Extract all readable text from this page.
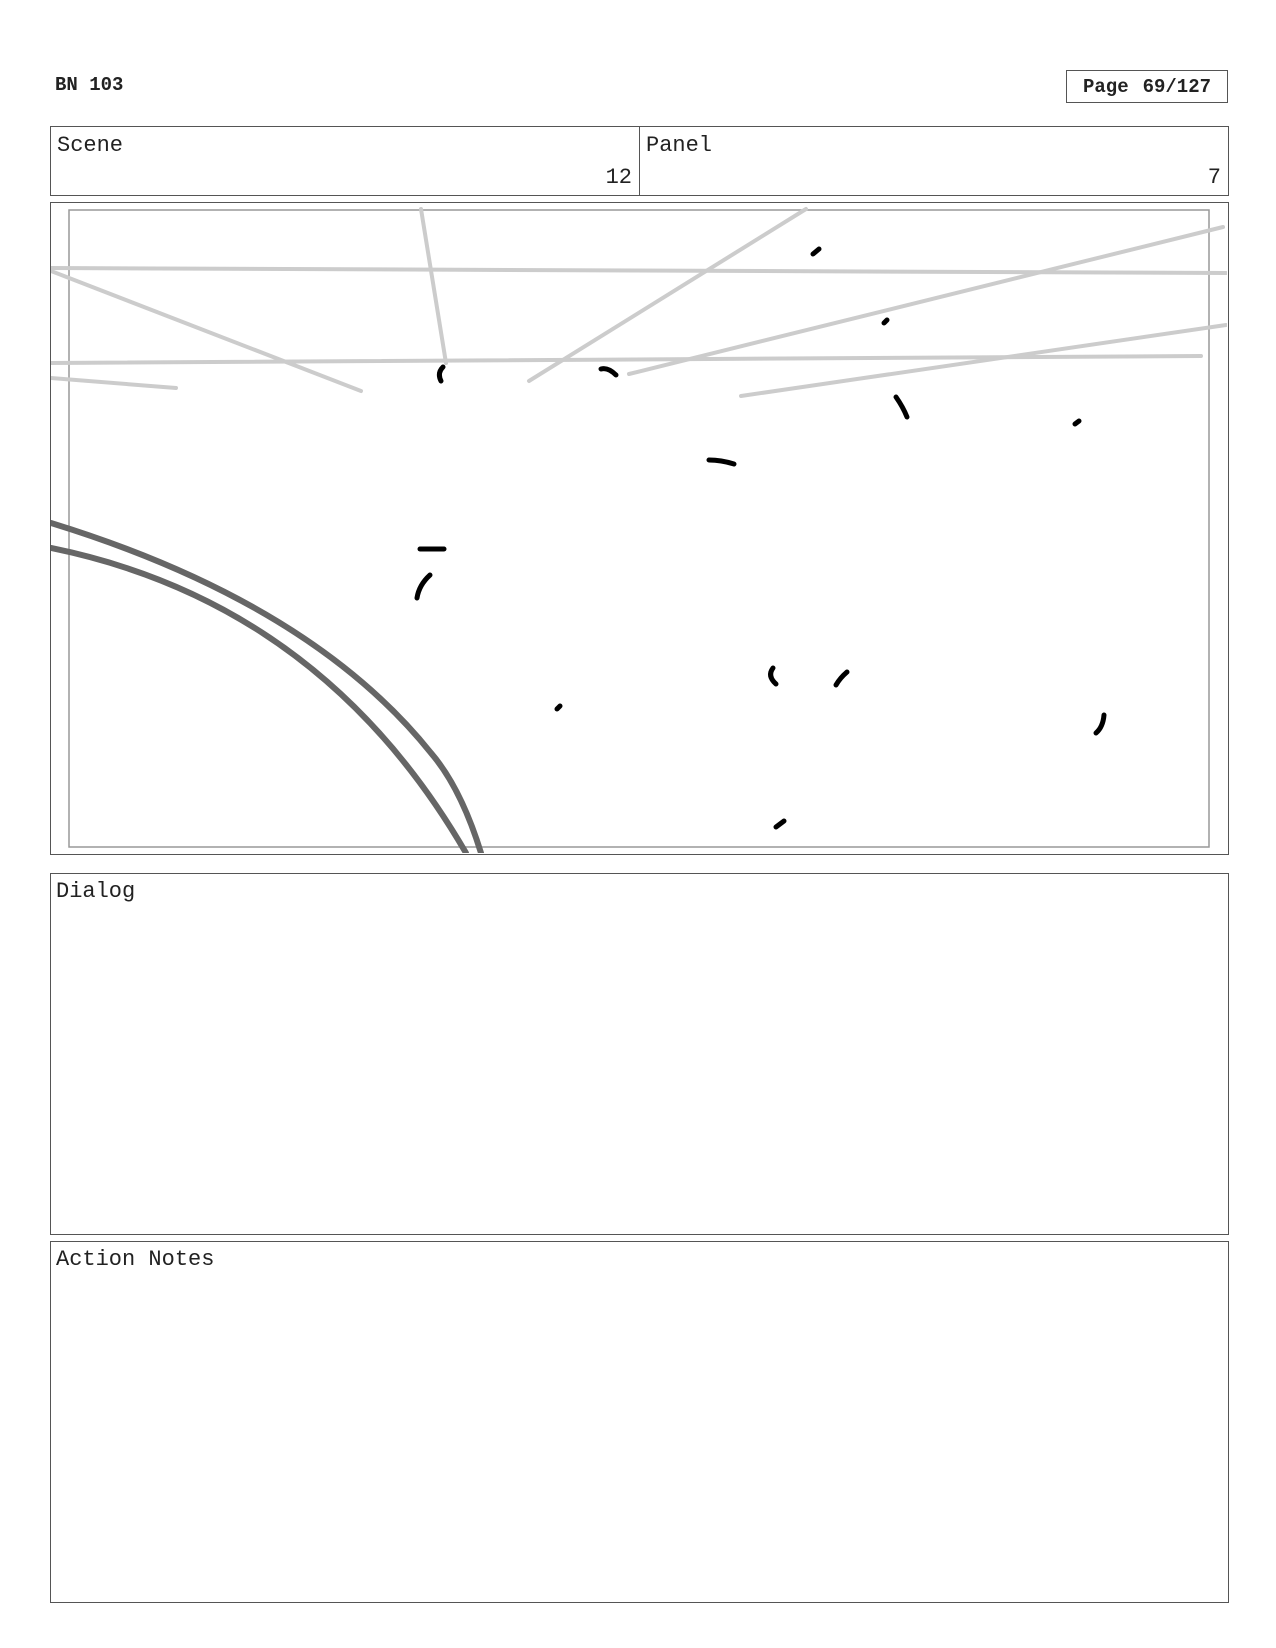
BN 103	Page 69/127
Scene
12
Panel
7
Dialog
Action Notes
